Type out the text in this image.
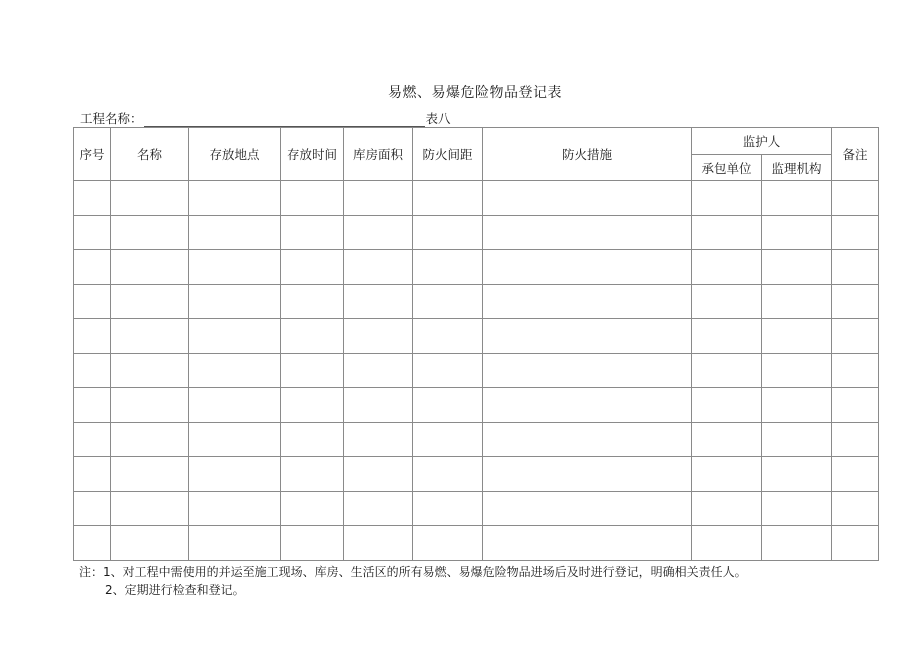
易燃、易爆危险物品登记表
工程名称：	表八
序号	名称	存放地点	存放时间	库房面积	防火间距	防火措施	监护人		备注
							承包单位	监理机构	

注：1、对工程中需使用的并运至施工现场、库房、生活区的所有易燃、易爆危险物品进场后及时进行登记，明确相关责任人。
2、定期进行检查和登记。
